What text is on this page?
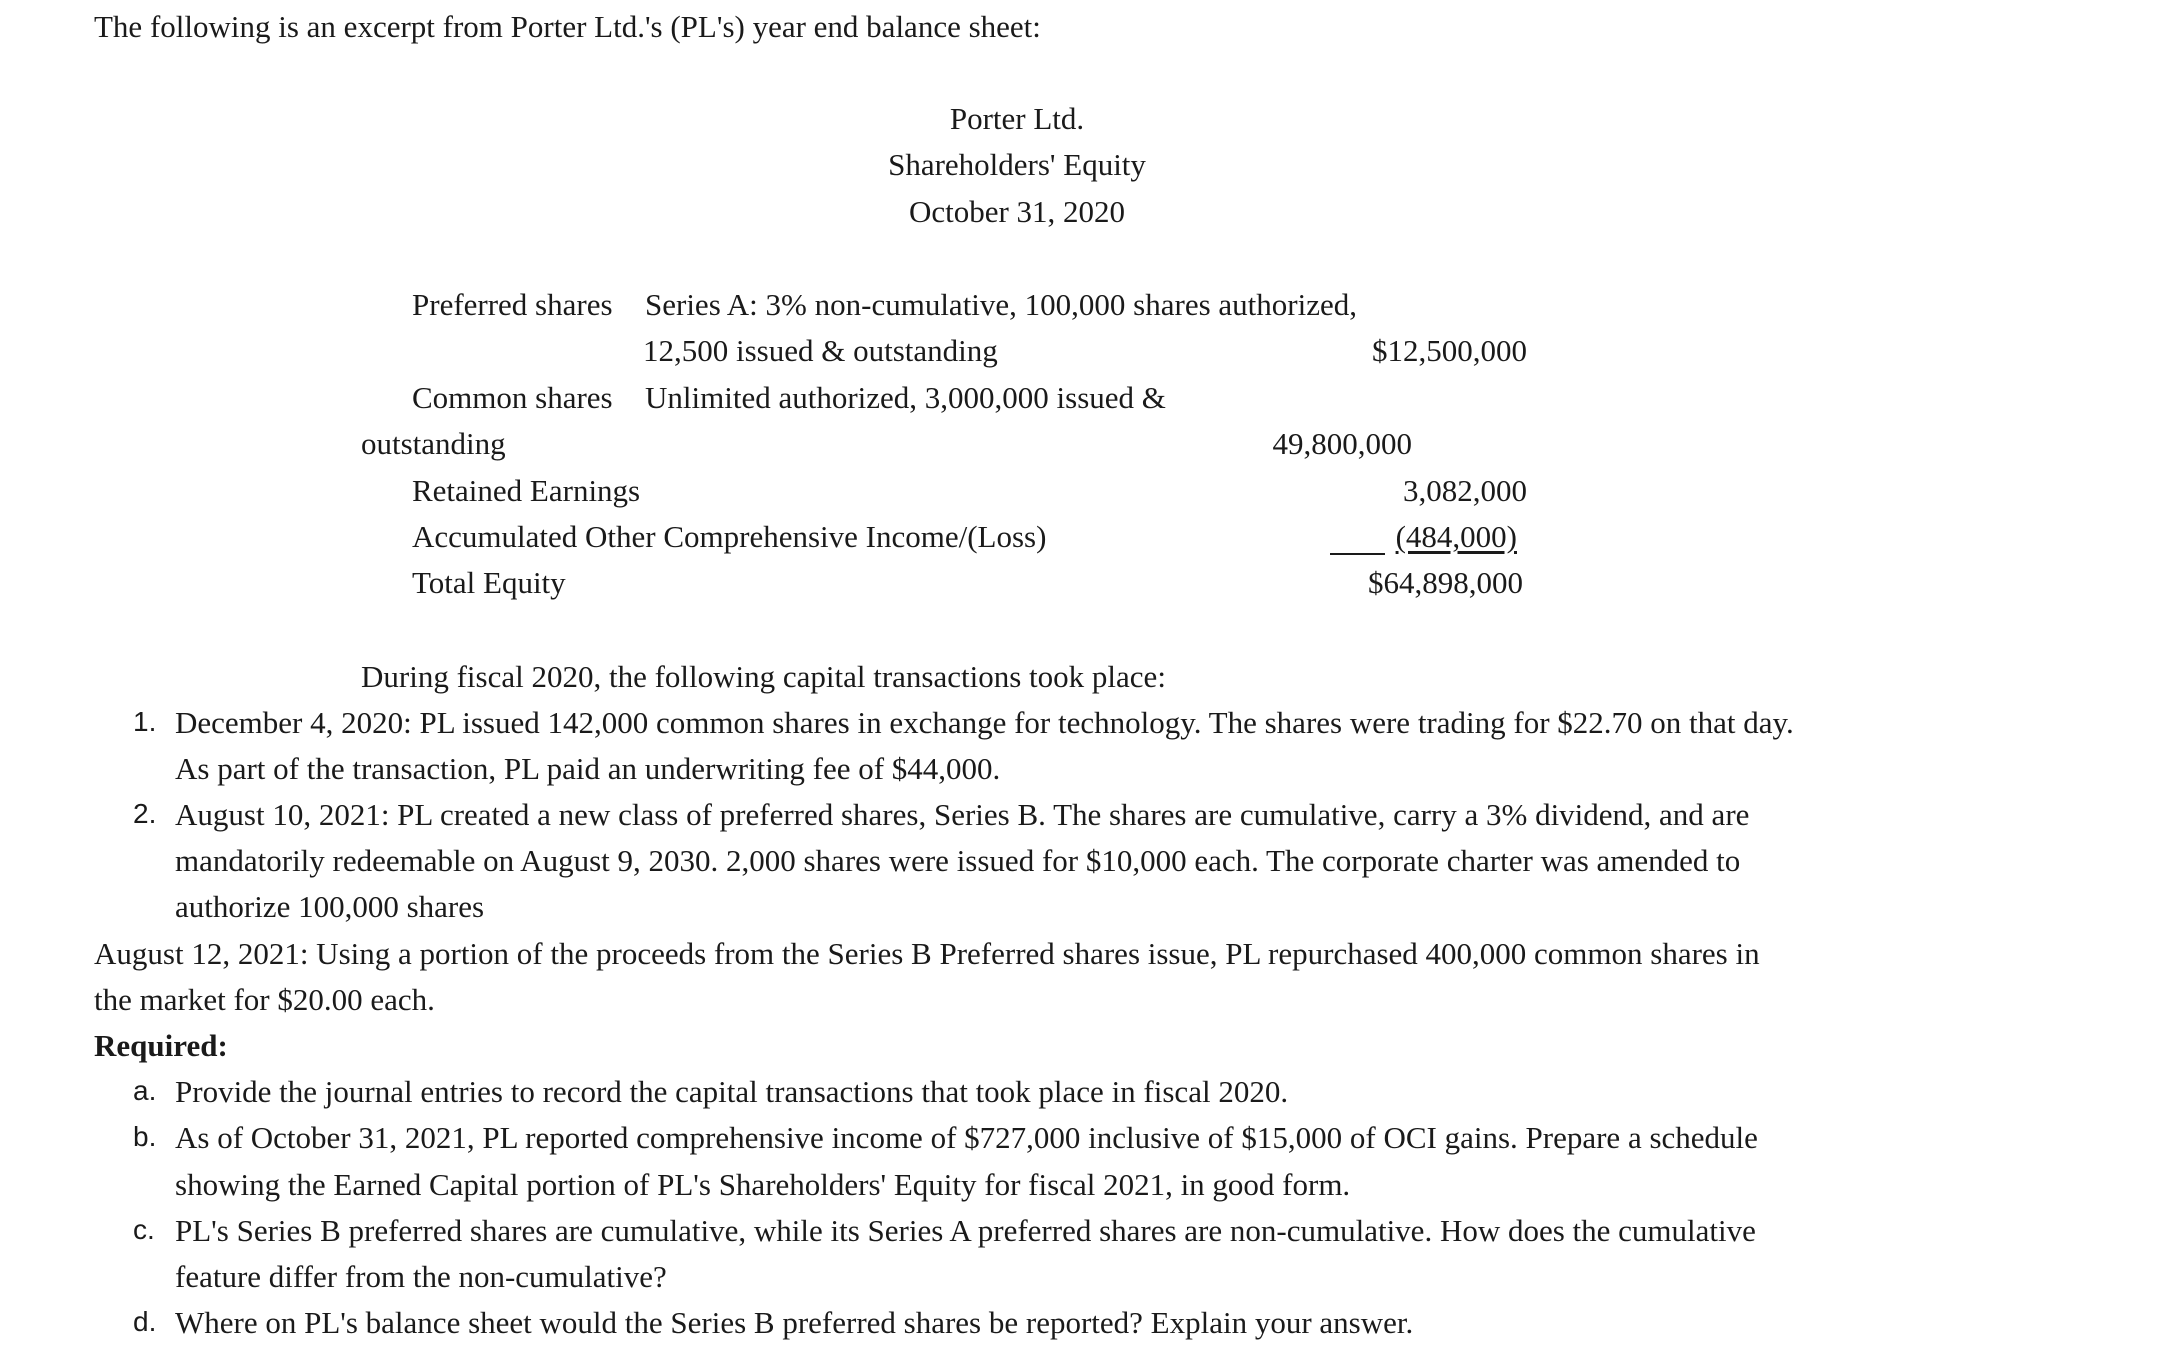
The following is an excerpt from Porter Ltd.'s (PL's) year end balance sheet:
Porter Ltd.
Shareholders' Equity
October 31, 2020
Preferred shares Series A: 3% non-cumulative, 100,000 shares authorized,
12,500 issued & outstanding	$12,500,000
Common shares Unlimited authorized, 3,000,000 issued &
outstanding	49,800,000
Retained Earnings	3,082,000
Accumulated Other Comprehensive Income/(Loss)	(484,000)
Total Equity	$64,898,000
During fiscal 2020, the following capital transactions took place:
1. December 4, 2020: PL issued 142,000 common shares in exchange for technology. The shares were trading for $22.70 on that day.
As part of the transaction, PL paid an underwriting fee of $44,000.
2. August 10, 2021: PL created a new class of preferred shares, Series B. The shares are cumulative, carry a 3% dividend, and are
mandatorily redeemable on August 9, 2030. 2,000 shares were issued for $10,000 each. The corporate charter was amended to
authorize 100,000 shares
August 12, 2021: Using a portion of the proceeds from the Series B Preferred shares issue, PL repurchased 400,000 common shares in
the market for $20.00 each.
Required:
a. Provide the journal entries to record the capital transactions that took place in fiscal 2020.
b. As of October 31, 2021, PL reported comprehensive income of $727,000 inclusive of $15,000 of OCI gains. Prepare a schedule
showing the Earned Capital portion of PL's Shareholders' Equity for fiscal 2021, in good form.
c. PL's Series B preferred shares are cumulative, while its Series A preferred shares are non-cumulative. How does the cumulative
feature differ from the non-cumulative?
d. Where on PL's balance sheet would the Series B preferred shares be reported? Explain your answer.
